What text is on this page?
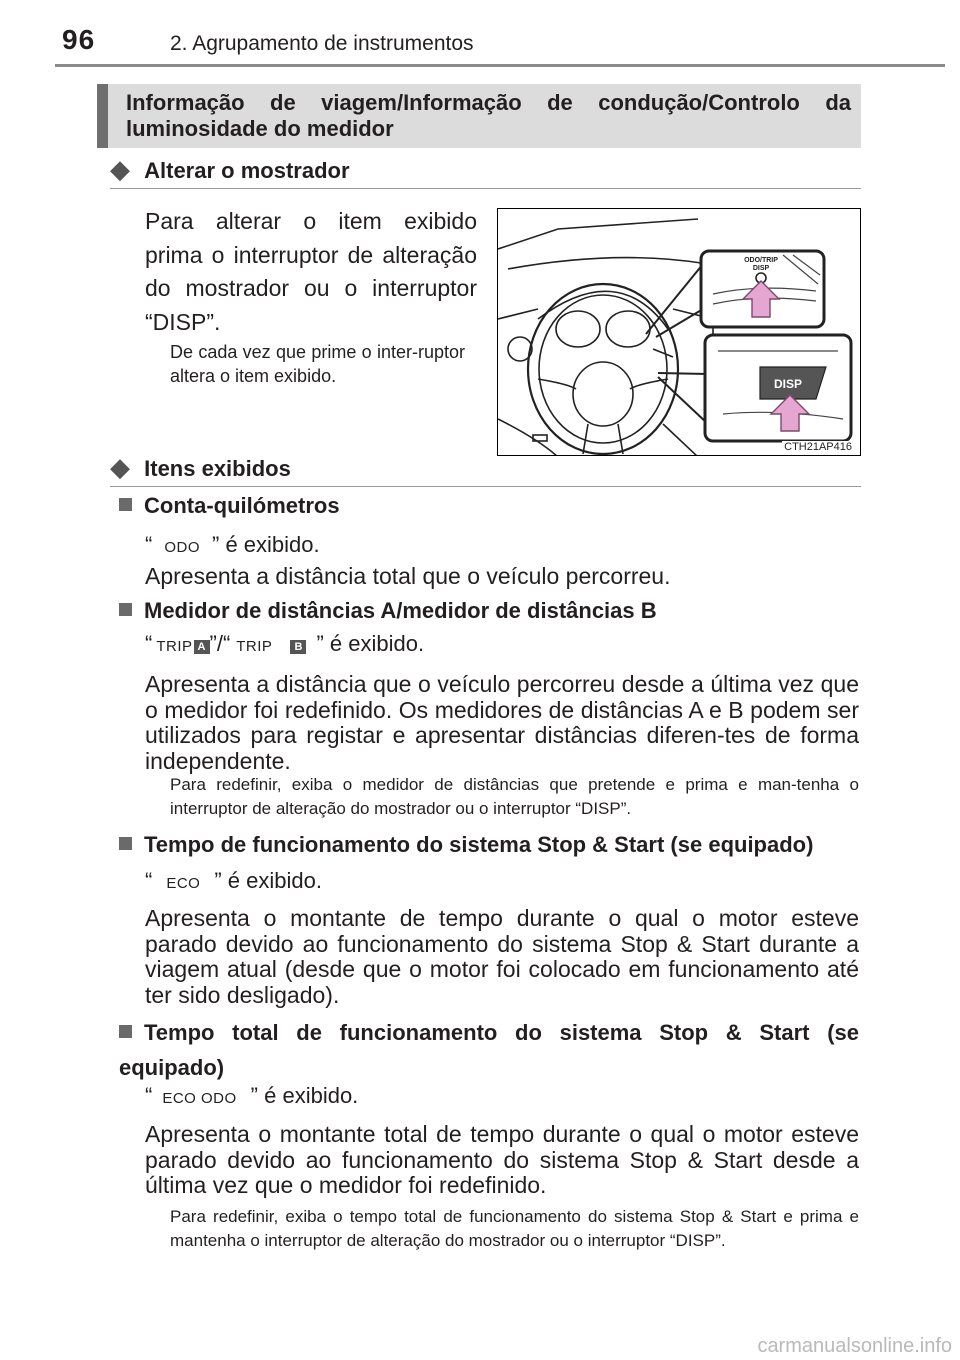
96	2. Agrupamento de instrumentos
Informação de viagem/Informação de condução/Controlo da luminosidade do medidor
◆ Alterar o mostrador
Para alterar o item exibido prima o interruptor de alteração do mostrador ou o interruptor “DISP”.
De cada vez que prime o inter-ruptor altera o item exibido.
ODO/TRIP
DISP
DISP
CTH21AP416
◆ Itens exibidos
Conta-quilómetros
“ ODO ” é exibido.
Apresenta a distância total que o veículo percorreu.
Medidor de distâncias A/medidor de distâncias B
“ TRIP A ”/“ TRIP B ” é exibido.
Apresenta a distância que o veículo percorreu desde a última vez que o medidor foi redefinido. Os medidores de distâncias A e B podem ser utilizados para registar e apresentar distâncias diferen-tes de forma independente.
Para redefinir, exiba o medidor de distâncias que pretende e prima e man-tenha o interruptor de alteração do mostrador ou o interruptor “DISP”.
Tempo de funcionamento do sistema Stop & Start (se equipado)
“ ECO ” é exibido.
Apresenta o montante de tempo durante o qual o motor esteve parado devido ao funcionamento do sistema Stop & Start durante a viagem atual (desde que o motor foi colocado em funcionamento até ter sido desligado).
Tempo total de funcionamento do sistema Stop & Start (se equipado)
“ ECO ODO ” é exibido.
Apresenta o montante total de tempo durante o qual o motor esteve parado devido ao funcionamento do sistema Stop & Start desde a última vez que o medidor foi redefinido.
Para redefinir, exiba o tempo total de funcionamento do sistema Stop & Start e prima e mantenha o interruptor de alteração do mostrador ou o interruptor “DISP”.
carmanualsonline.info
